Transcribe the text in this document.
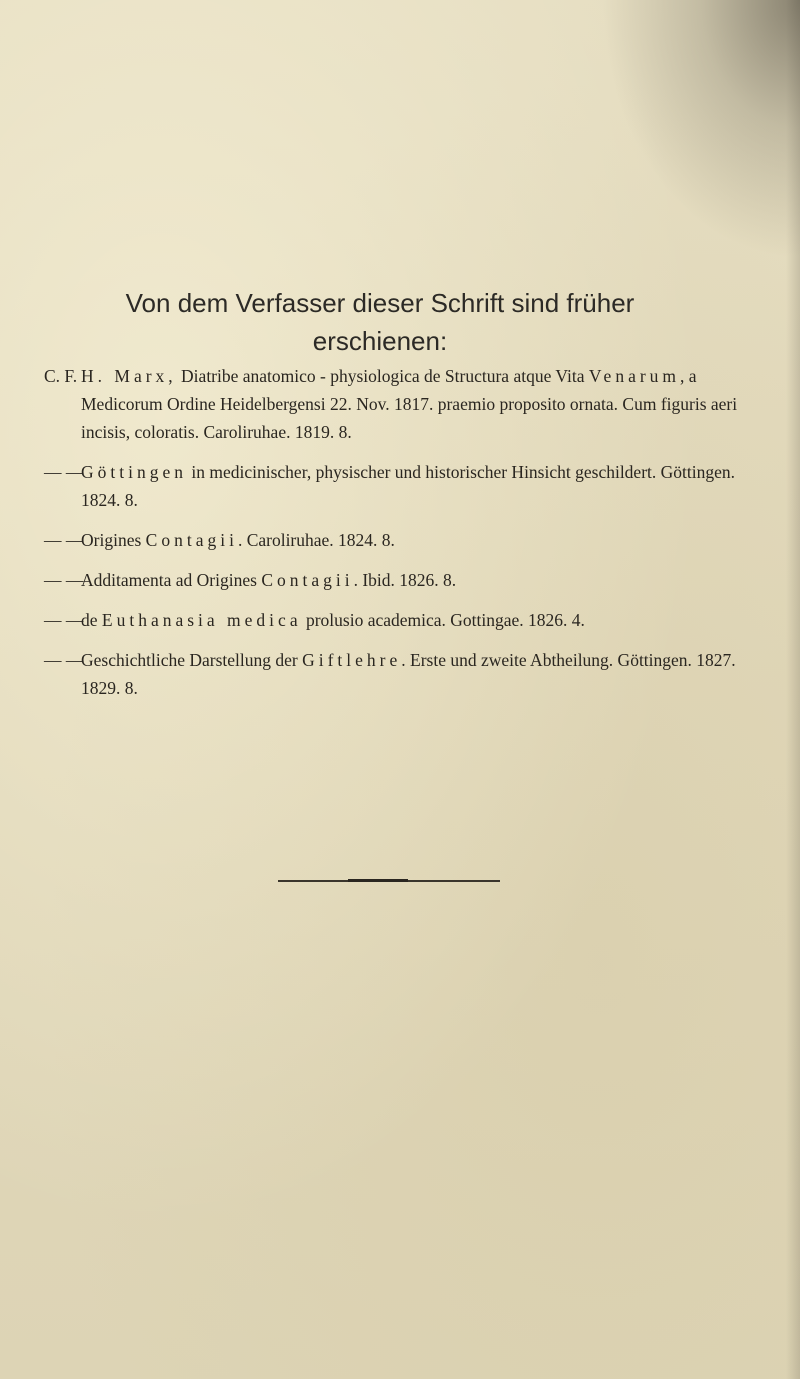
Von dem Verfasser dieser Schrift sind früher
erschienen:
C. F. H. Marx, Diatribe anatomico - physiologica de Structura atque Vita Venarum, a Medicorum Ordine Heidelbergensi 22. Nov. 1817. praemio proposito ornata. Cum figuris aeri incisis, coloratis. Caroliruhae. 1819. 8.
— —
Göttingen in medicinischer, physischer und historischer Hinsicht geschildert. Göttingen. 1824. 8.
— —
Origines Contagii. Caroliruhae. 1824. 8.
— —
Additamenta ad Origines Contagii. Ibid. 1826. 8.
— —
de Euthanasia medica prolusio academica. Gottingae. 1826. 4.
— —
Geschichtliche Darstellung der Giftlehre. Erste und zweite Abtheilung. Göttingen. 1827. 1829. 8.
